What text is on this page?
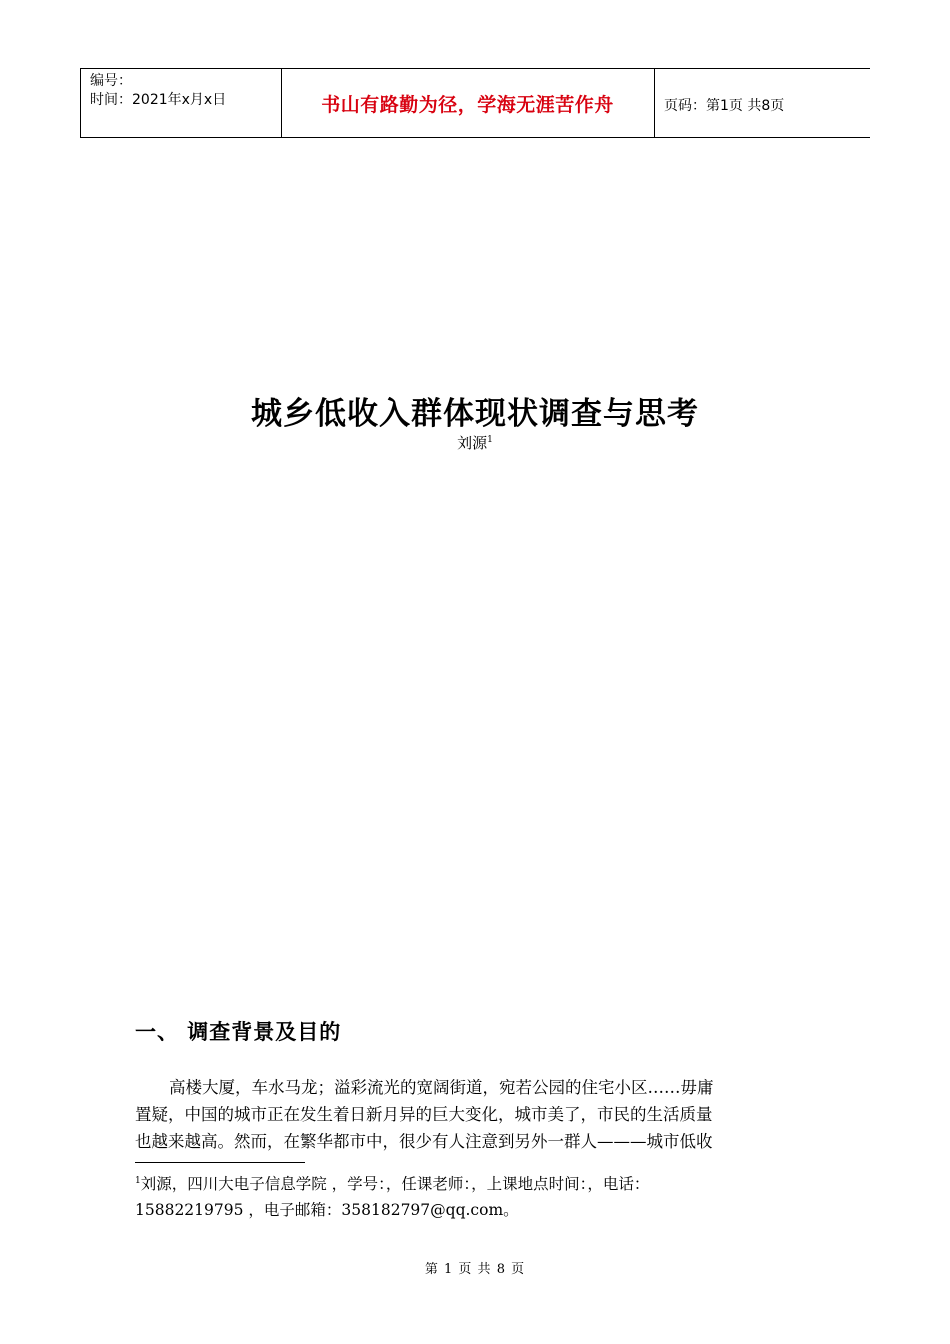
编号：
时间：2021年x月x日	书山有路勤为径，学海无涯苦作舟	页码：第1页 共8页
城乡低收入群体现状调查与思考
刘源$^1$
一、 调查背景及目的
高楼大厦，车水马龙；溢彩流光的宽阔街道，宛若公园的住宅小区……毋庸
置疑，中国的城市正在发生着日新月异的巨大变化，城市美了，市民的生活质量
也越来越高。然而，在繁华都市中，很少有人注意到另外一群人———城市低收
$^1$刘源，四川大电子信息学院 ，学号：，任课老师：，上课地点时间：，电话：
15882219795 ，电子邮箱：358182797@qq.com。
第 1 页 共 8 页
